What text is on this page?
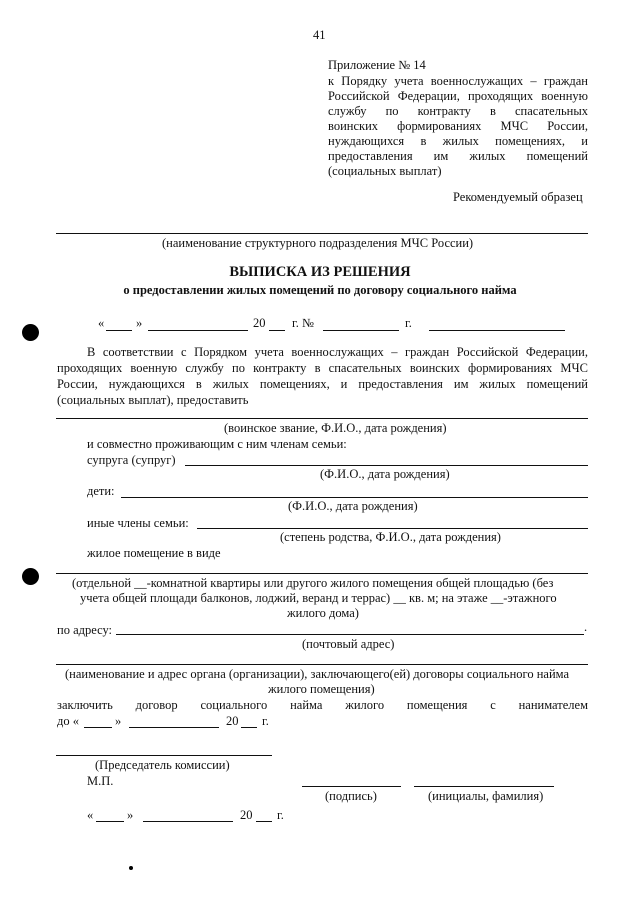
41
Приложение № 14
к Порядку учета военнослужащих – граждан
Российской Федерации, проходящих военную
службу по контракту в спасательных
воинских формированиях МЧС России,
нуждающихся в жилых помещениях, и
предоставления им жилых помещений
(социальных выплат)
Рекомендуемый образец
(наименование структурного подразделения МЧС России)
ВЫПИСКА ИЗ РЕШЕНИЯ
о предоставлении жилых помещений по договору социального найма
«	»	20 г. №	г.
В соответствии с Порядком учета военнослужащих – граждан Российской Федерации,
проходящих военную службу по контракту в спасательных воинских формированиях МЧС
России, нуждающихся в жилых помещениях, и предоставления им жилых помещений
(социальных выплат), предоставить
(воинское звание, Ф.И.О., дата рождения)
и совместно проживающим с ним членам семьи:
супруга (супруг)
(Ф.И.О., дата рождения)
дети:
(Ф.И.О., дата рождения)
иные члены семьи:
(степень родства, Ф.И.О., дата рождения)
жилое помещение в виде
(отдельной __-комнатной квартиры или другого жилого помещения общей площадью (без
учета общей площади балконов, лоджий, веранд и террас) __ кв. м; на этаже __-этажного
жилого дома)
по адресу:	.
(почтовый адрес)
(наименование и адрес органа (организации), заключающего(ей) договоры социального найма
жилого помещения)
заключить договор социального найма жилого помещения с нанимателем
до «	»	20 г.
(Председатель комиссии)
М.П.
(подпись)	(инициалы, фамилия)
«	»	20 г.
